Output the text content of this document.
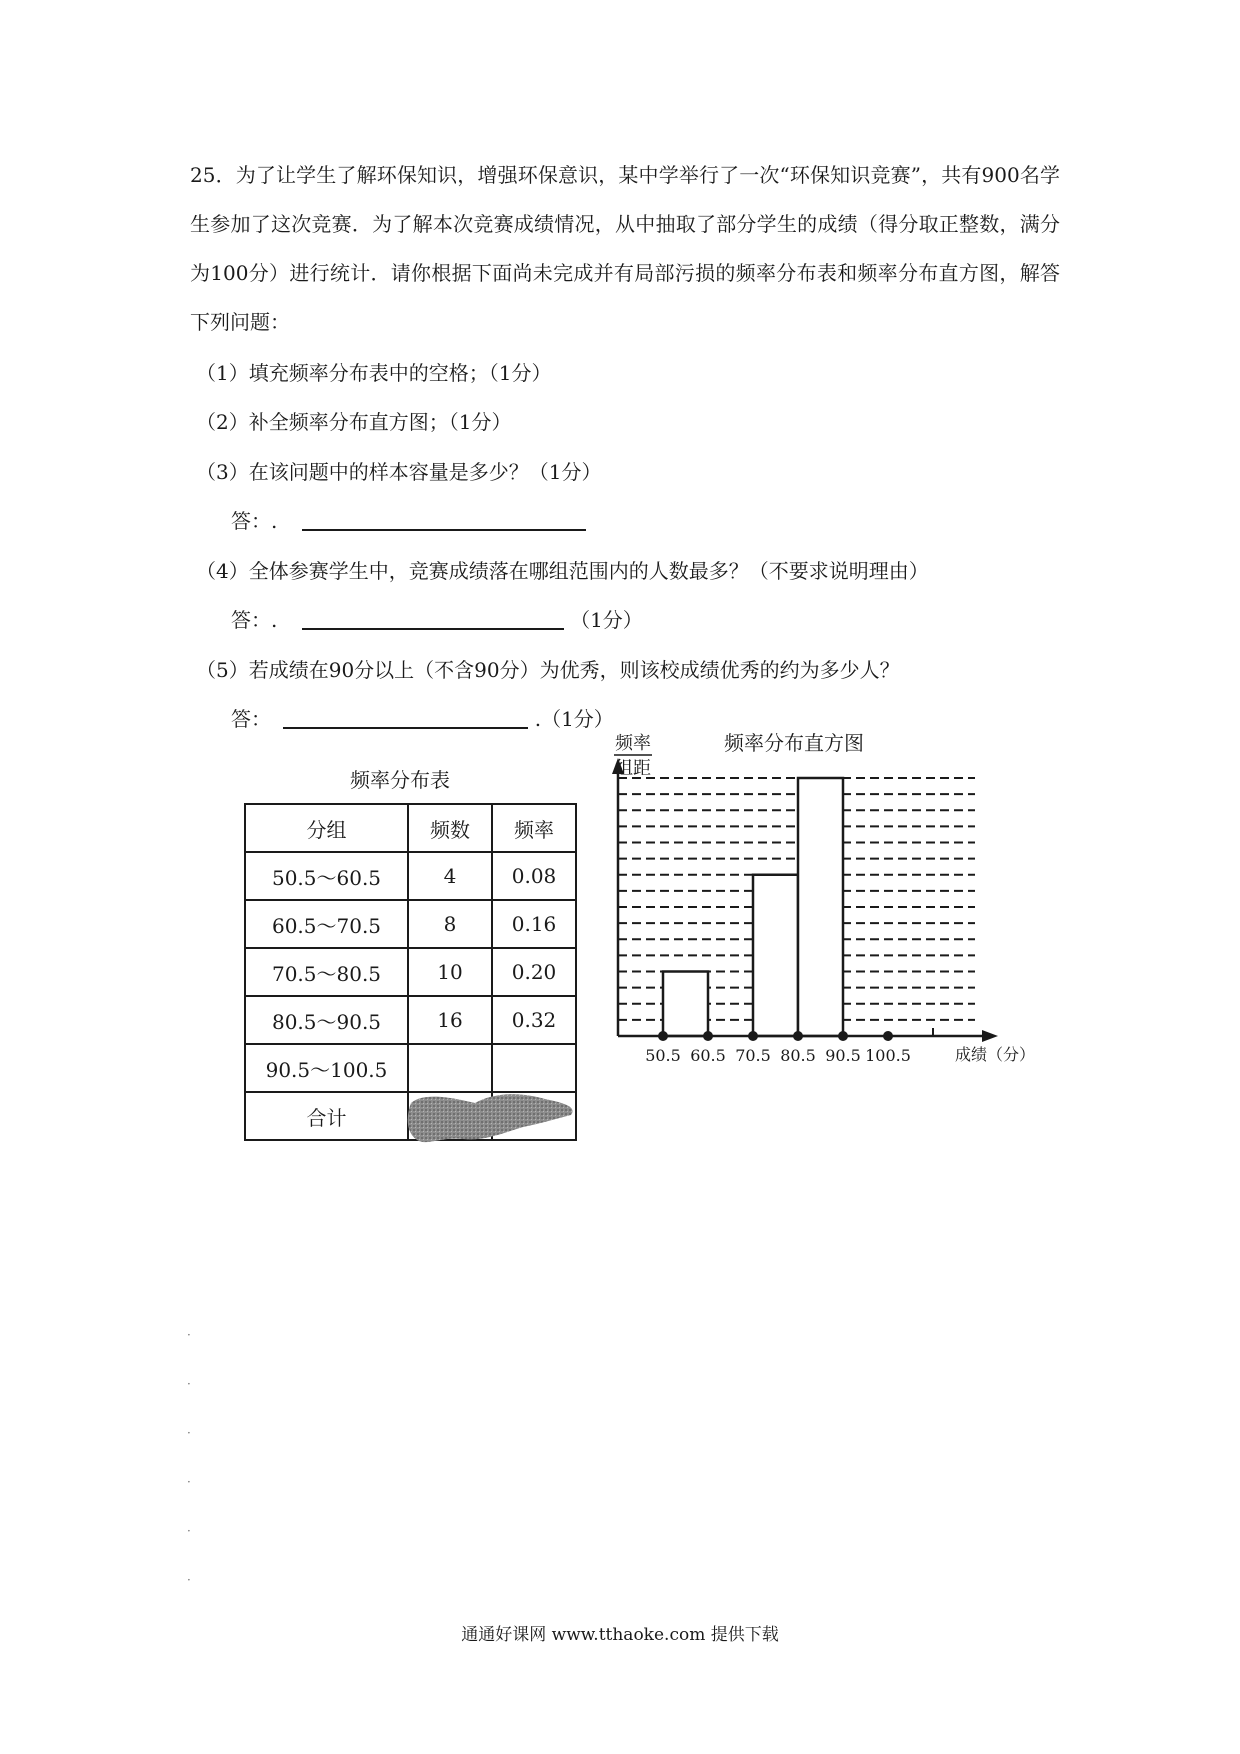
25．为了让学生了解环保知识，增强环保意识，某中学举行了一次“环保知识竞赛”，共有900名学生参加了这次竞赛．为了解本次竞赛成绩情况，从中抽取了部分学生的成绩（得分取正整数，满分为100分）进行统计．请你根据下面尚未完成并有局部污损的频率分布表和频率分布直方图，解答下列问题：
（1）填充频率分布表中的空格；（1分）
（2）补全频率分布直方图；（1分）
（3）在该问题中的样本容量是多少？（1分）
答：.
（4）全体参赛学生中，竞赛成绩落在哪组范围内的人数最多？（不要求说明理由）
答：.	（1分）
（5）若成绩在90分以上（不含90分）为优秀，则该校成绩优秀的约为多少人？
答：	.（1分）
频率分布表
分组	频数	频率
50.5～60.5	4	0.08
60.5～70.5	8	0.16
70.5～80.5	10	0.20
80.5～90.5	16	0.32
90.5～100.5		
合计	

50.5 60.5 70.5 80.5 90.5 100.5
频率
组距
频率分布直方图
成绩（分）
·
·
·
·
·
·
通通好课网 www.tthaoke.com 提供下载
